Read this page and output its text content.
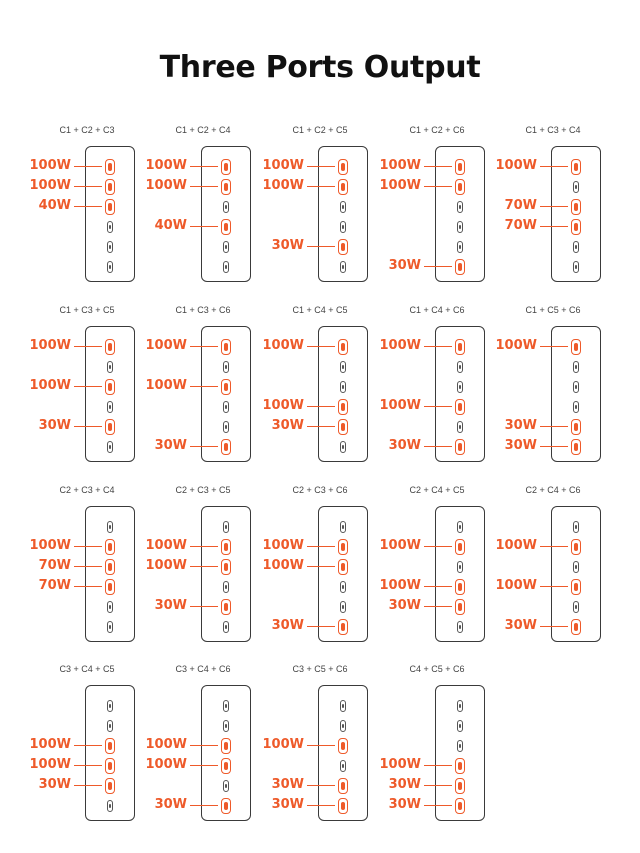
Three Ports Output
C1 + C2 + C3
100W
100W
40W
C1 + C2 + C4
100W
100W
40W
C1 + C2 + C5
100W
100W
30W
C1 + C2 + C6
100W
100W
30W
C1 + C3 + C4
100W
70W
70W
C1 + C3 + C5
100W
100W
30W
C1 + C3 + C6
100W
100W
30W
C1 + C4 + C5
100W
100W
30W
C1 + C4 + C6
100W
100W
30W
C1 + C5 + C6
100W
30W
30W
C2 + C3 + C4
100W
70W
70W
C2 + C3 + C5
100W
100W
30W
C2 + C3 + C6
100W
100W
30W
C2 + C4 + C5
100W
100W
30W
C2 + C4 + C6
100W
100W
30W
C3 + C4 + C5
100W
100W
30W
C3 + C4 + C6
100W
100W
30W
C3 + C5 + C6
100W
30W
30W
C4 + C5 + C6
100W
30W
30W
